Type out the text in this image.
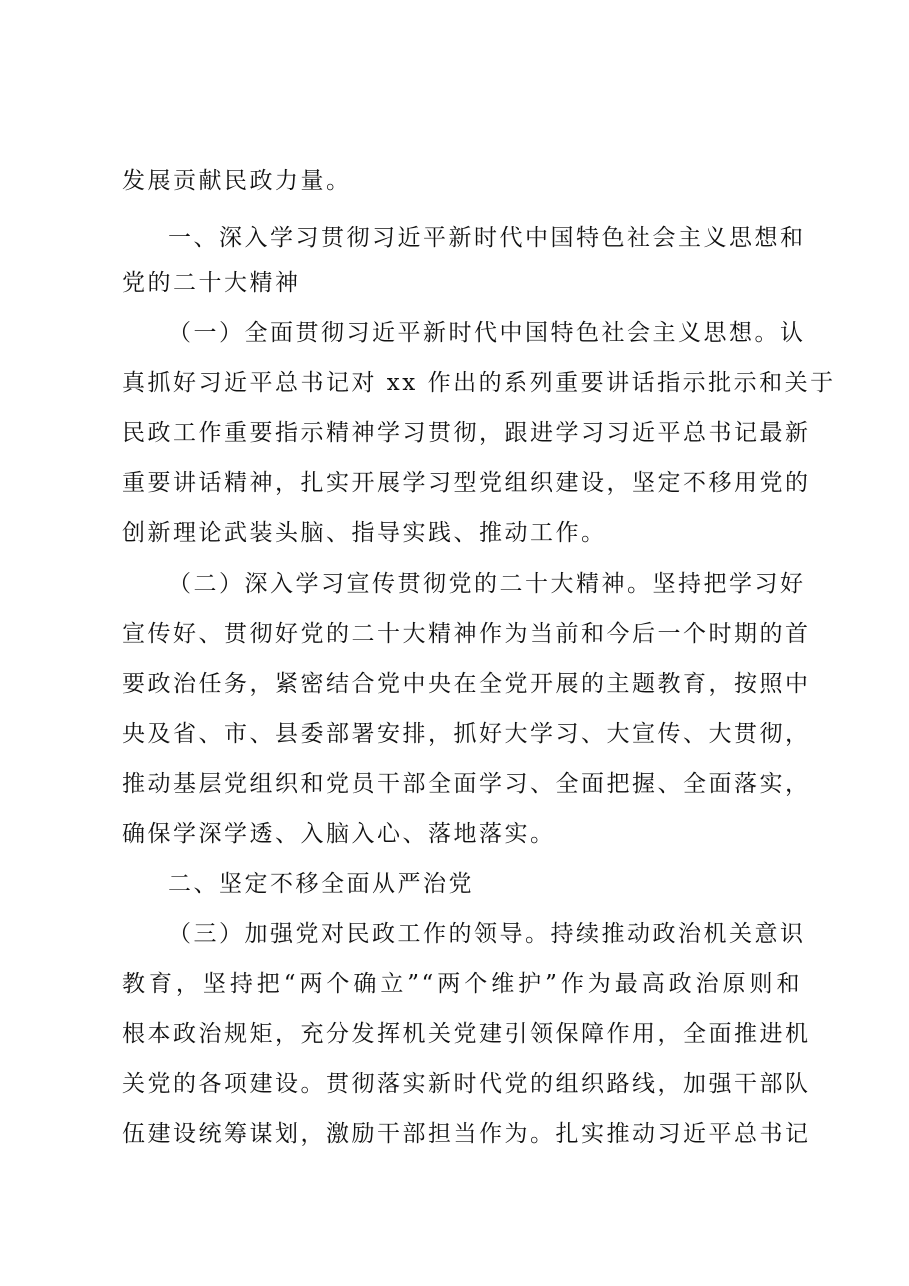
发展贡献民政力量。
一、深入学习贯彻习近平新时代中国特色社会主义思想和
党的二十大精神
（一）全面贯彻习近平新时代中国特色社会主义思想。认
真抓好习近平总书记对 xx 作出的系列重要讲话指示批示和关于
民政工作重要指示精神学习贯彻，跟进学习习近平总书记最新
重要讲话精神，扎实开展学习型党组织建设，坚定不移用党的
创新理论武装头脑、指导实践、推动工作。
（二）深入学习宣传贯彻党的二十大精神。坚持把学习好
宣传好、贯彻好党的二十大精神作为当前和今后一个时期的首
要政治任务，紧密结合党中央在全党开展的主题教育，按照中
央及省、市、县委部署安排，抓好大学习、大宣传、大贯彻，
推动基层党组织和党员干部全面学习、全面把握、全面落实，
确保学深学透、入脑入心、落地落实。
二、坚定不移全面从严治党
（三）加强党对民政工作的领导。持续推动政治机关意识
教育，坚持把“两个确立”“两个维护”作为最高政治原则和
根本政治规矩，充分发挥机关党建引领保障作用，全面推进机
关党的各项建设。贯彻落实新时代党的组织路线，加强干部队
伍建设统筹谋划，激励干部担当作为。扎实推动习近平总书记
